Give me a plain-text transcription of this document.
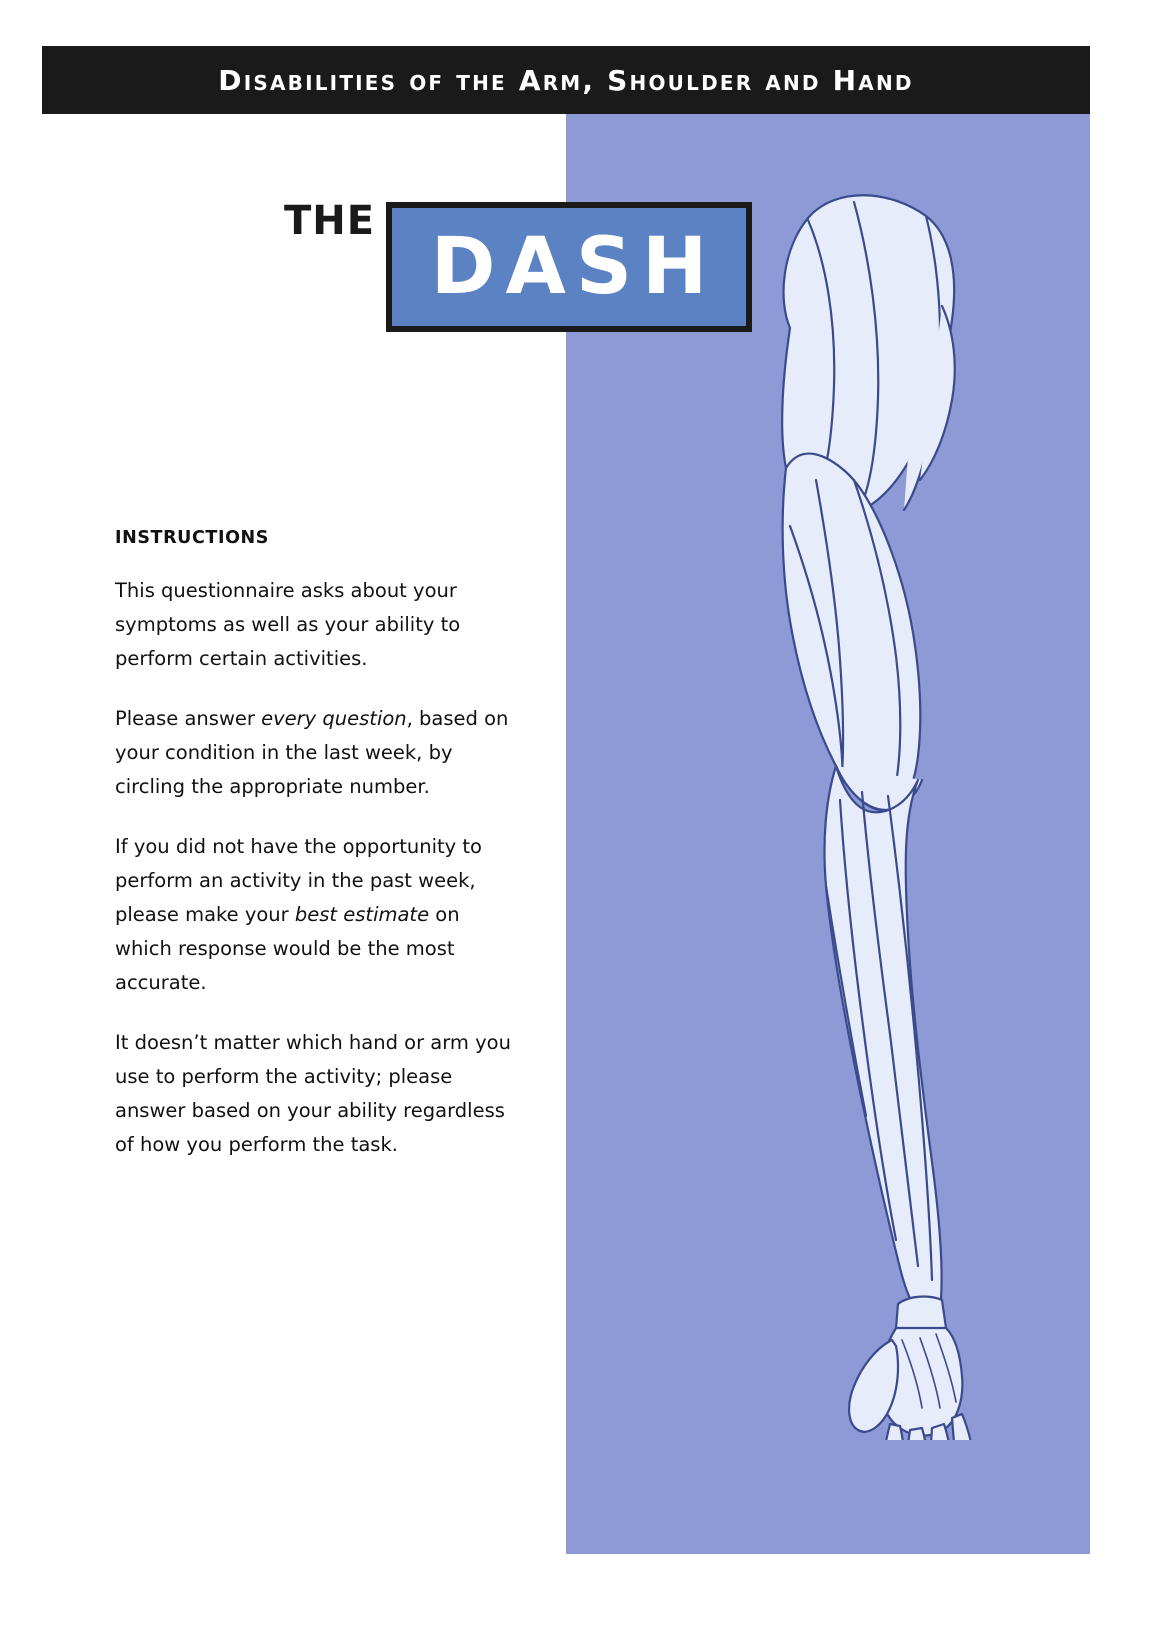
Disabilities of the Arm, Shoulder and Hand
THE
DASH
INSTRUCTIONS

This questionnaire asks about your symptoms as well as your ability to perform certain activities.

Please answer every question, based on your condition in the last week, by circling the appropriate number.

If you did not have the opportunity to perform an activity in the past week, please make your best estimate on which response would be the most accurate.

It doesn’t matter which hand or arm you use to perform the activity; please answer based on your ability regardless of how you perform the task.
